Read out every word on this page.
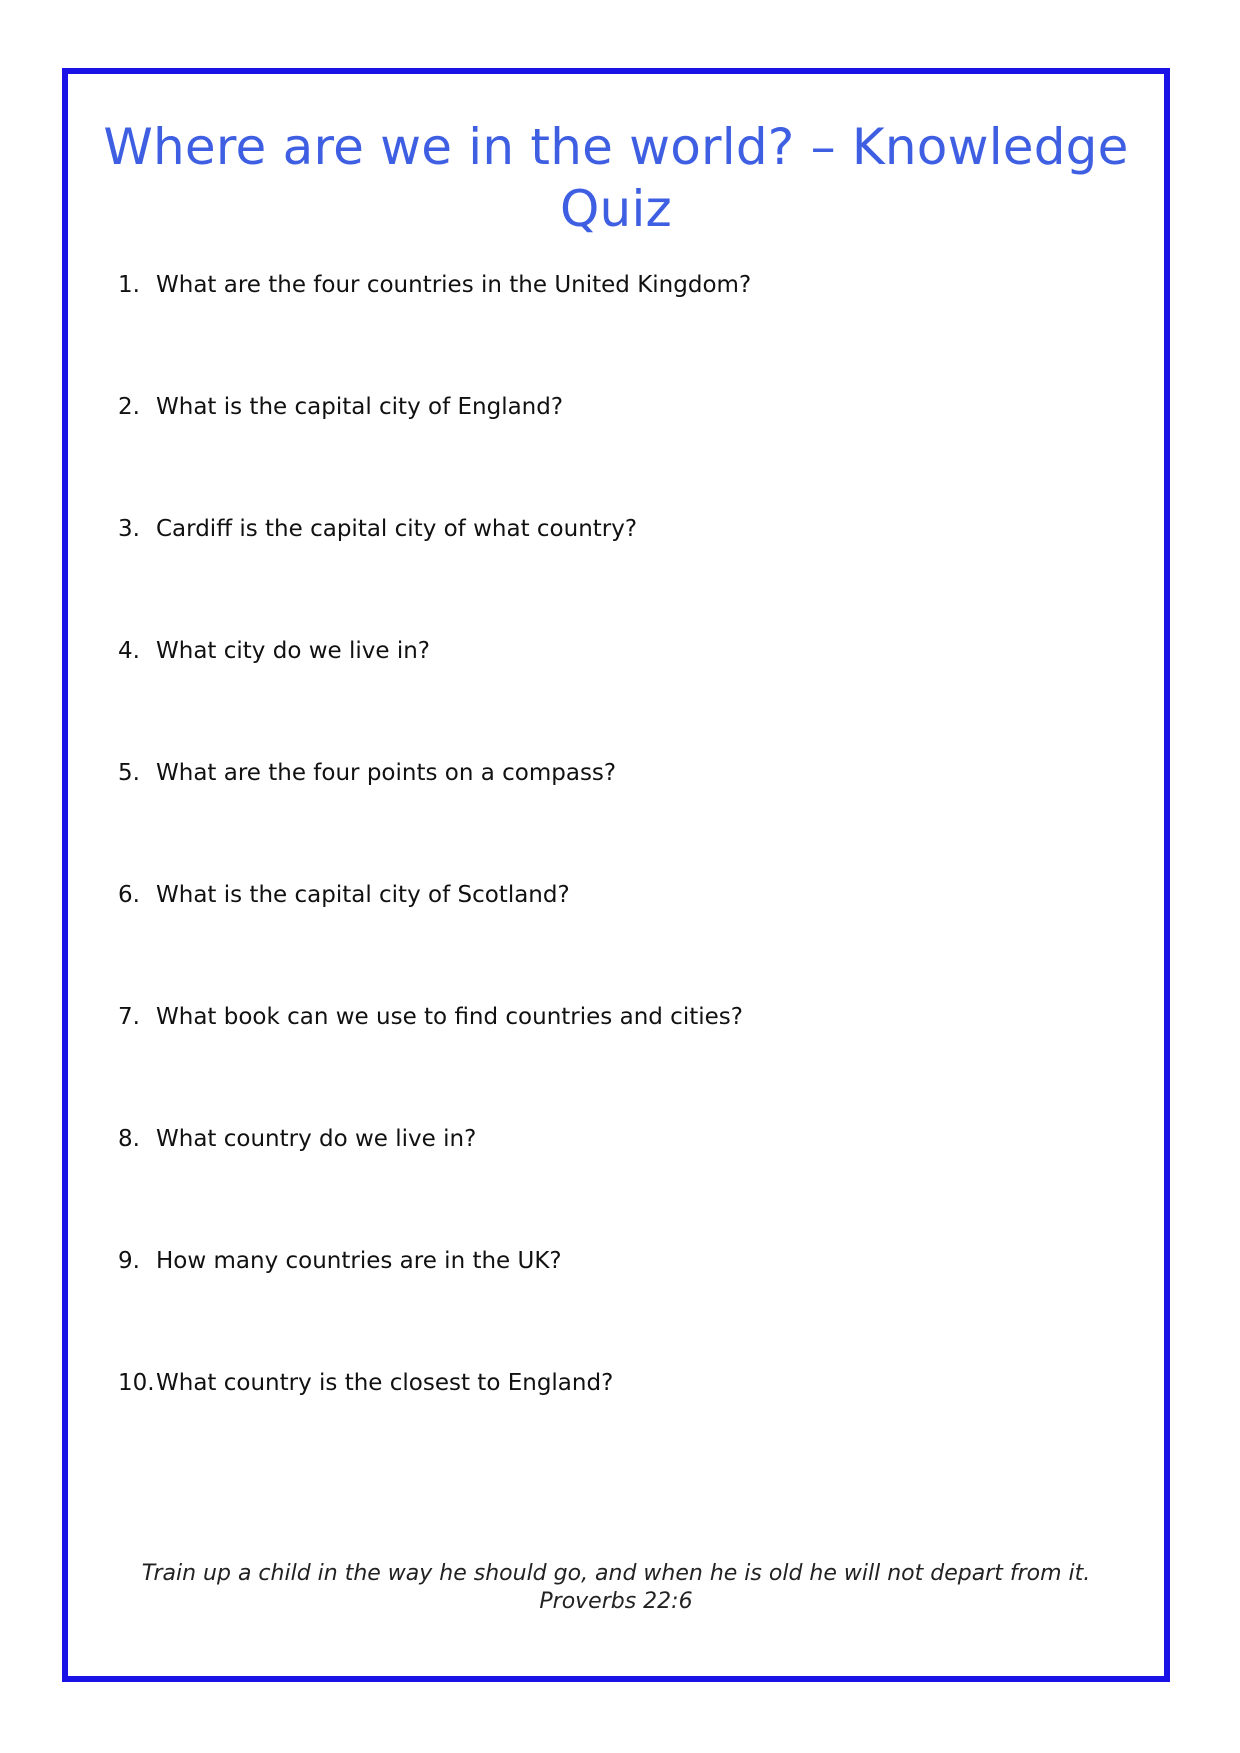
Where are we in the world? – Knowledge
Quiz
1. What are the four countries in the United Kingdom?
2. What is the capital city of England?
3. Cardiff is the capital city of what country?
4. What city do we live in?
5. What are the four points on a compass?
6. What is the capital city of Scotland?
7. What book can we use to find countries and cities?
8. What country do we live in?
9. How many countries are in the UK?
10.What country is the closest to England?
Train up a child in the way he should go, and when he is old he will not depart from it.
Proverbs 22:6
